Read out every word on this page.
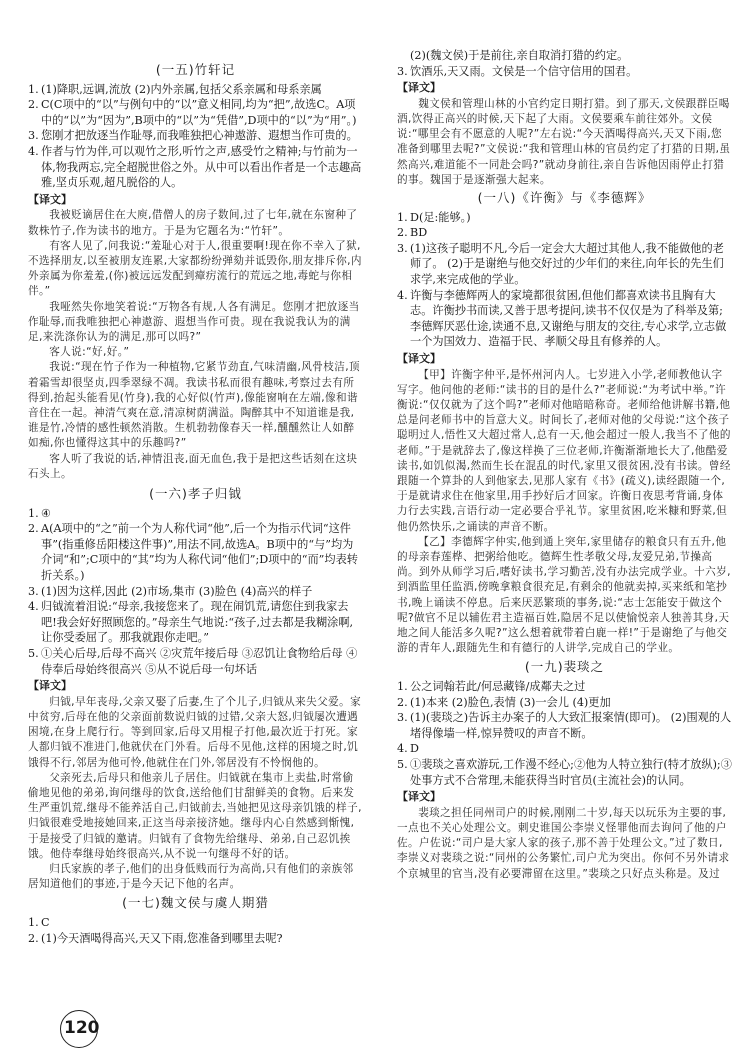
(一五)竹轩记
1. (1)降职,远调,流放 (2)内外亲属,包括父系亲属和母系亲属
2. C(C项中的“以”与例句中的“以”意义相同,均为“把”,故选C。A项中的“以”为“因为”,B项中的“以”为“凭借”,D项中的“以”为“用”。)
3. 您刚才把放逐当作耻辱,而我唯独把心神遨游、遐想当作可贵的。
4. 作者与竹为伴,可以观竹之形,听竹之声,感受竹之精神;与竹前为一体,物我两忘,完全超脱世俗之外。从中可以看出作者是一个志趣高雅,坚贞乐观,超凡脱俗的人。
【译文】
我被贬谪居住在大庾,借僧人的房子数间,过了七年,就在东窗种了数株竹子,作为读书的地方。于是为它题名为:“竹轩”。
有客人见了,问我说:“羞耻心对于人,很重要啊!现在你不幸入了狱,不选择朋友,以至被朋友连累,大家都纷纷弹劾并诋毁你,朋友排斥你,内外亲属为你羞羞,(你)被远远发配到瘴疠流行的荒远之地,毒蛇与你相伴。”
我哑然失你地笑着说:“万物各有规,人各有满足。您刚才把放逐当作耻辱,而我唯独把心神遨游、遐想当作可贵。现在我说我认为的满足,来洗涤你认为的满足,那可以吗?”
客人说:“好,好。”
我说:“现在竹子作为一种植物,它紧节劲直,气味清幽,风骨枝洁,顶着霜雪却很坚贞,四季翠绿不凋。我读书私而很有趣味,考察过去有所得到,抬起头能看见(竹身),我的心好似(竹声),像能窗响在左端,像和谐音住在一起。神清气爽在意,清凉树荫满溢。陶醉其中不知道谁是我,谁是竹,冷情的感性顿然消散。生机勃勃像春天一样,醺醺然让人如醉如痴,你也懂得这其中的乐趣吗?”
客人听了我说的话,神情沮丧,面无血色,我于是把这些话刻在这块石头上。
(一六)孝子归钺
1. ④
2. A(A项中的“之”前一个为人称代词“他”,后一个为指示代词“这件事”(指重修岳阳楼这件事)”,用法不同,故选A。B项中的“与”均为介词“和”;C项中的“其”均为人称代词“他们”;D项中的“而”均表转折关系。)
3. (1)因为这样,因此 (2)市场,集市 (3)脸色 (4)高兴的样子
4. 归钺流着泪说:“母亲,我接您来了。现在闹饥荒,请您住到我家去吧!我会好好照顾您的。”母亲生气地说:“孩子,过去都是我糊涂啊,让你受委屈了。那我就跟你走吧。”
5. ①关心后母,后母不高兴 ②灾荒年接后母 ③忍饥让食物给后母 ④侍奉后母始终很高兴 ⑤从不说后母一句坏话
【译文】
归钺,早年丧母,父亲又娶了后妻,生了个儿子,归钺从来失父爱。家中贫穷,后母在他的父亲面前数说归钺的过错,父亲大怒,归钺屡次遭遇困境,在身上爬行行。等到回家,后母又用棍子打他,最次近于打死。家人都归钺不准进门,他就伏在门外看。后母不见他,这样的困境之时,饥饿得不行,邻居为他可怜,他就住在门外,邻居没有不怜悯他的。
父亲死去,后母只和他亲儿子居住。归钺就在集市上卖盐,时常偷偷地见他的弟弟,询问继母的饮食,送给他们甘甜鲜美的食物。后来发生严重饥荒,继母不能养活自己,归钺前去,当她把见这母亲饥饿的样子,归钺很难受地接她回来,正这当母亲接济她。继母内心自然感到惭愧,于是接受了归钺的邀请。归钺有了食物先给继母、弟弟,自己忍饥挨饿。他侍奉继母始终很高兴,从不说一句继母不好的话。
归氏家族的孝子,他们的出身低贱而行为高尚,只有他们的亲族邻居知道他们的事迹,于是今天记下他的名声。
(一七)魏文侯与虞人期猎
1. C
2. (1)今天酒喝得高兴,天又下雨,您准备到哪里去呢?
(2)(魏文侯)于是前往,亲自取消打猎的约定。
3. 饮酒乐,天又雨。文侯是一个信守信用的国君。
【译文】
魏文侯和管理山林的小官约定日期打猎。到了那天,文侯跟群臣喝酒,饮得正高兴的时候,天下起了大雨。文侯要乘车前往郊外。文侯说:“哪里会有不愿意的人呢?”左右说:“今天酒喝得高兴,天又下雨,您准备到哪里去呢?”文侯说:“我和管理山林的官员约定了打猎的日期,虽然高兴,难道能不一同赴会吗?”就动身前往,亲自告诉他因雨停止打猎的事。魏国于是逐渐强大起来。
(一八)《许衡》与《李德辉》
1. D(足:能够。)
2. BD
3. (1)这孩子聪明不凡,今后一定会大大超过其他人,我不能做他的老师了。 (2)于是谢绝与他交好过的少年们的来往,向年长的先生们求学,来完成他的学业。
4. 许衡与李德辉两人的家境都很贫困,但他们都喜欢读书且胸有大志。许衡抄书而读,又善于思考提问,读书不仅仅是为了科举及第;李德辉厌恶仕途,读通不息,又谢绝与朋友的交往,专心求学,立志做一个为国效力、造福于民、孝顺父母且有修养的人。
【译文】
【甲】许衡字仲平,是怀州河内人。七岁进入小学,老师教他认字写字。他问他的老师:“读书的目的是什么?”老师说:“为考试中举。”许衡说:“仅仅就为了这个吗?”老师对他暗暗称奇。老师给他讲解书籍,他总是问老师书中的旨意大义。时间长了,老师对他的父母说:“这个孩子聪明过人,悟性又大超过常人,总有一天,他会超过一般人,我当不了他的老师。”于是就辞去了,像这样换了三位老师,许衡渐渐地长大了,他酷爱读书,如饥似渴,然而生长在混乱的时代,家里又很贫困,没有书读。曾经跟随一个算卦的人到他家去,见那人家有《书》(疏义),读经跟随一个,于是就请求住在他家里,用手抄好后才回家。许衡日夜思考背诵,身体力行去实践,言语行动一定必要合乎礼节。家里贫困,吃米糠和野菜,但他仍然快乐,之诵读的声音不断。
【乙】李德辉字仲实,他到通上突年,家里储存的粮食只有五升,他的母亲春莲桦、把粥给他吃。德辉生性孝敬父母,友爱兄弟,节操高尚。到外从师学习后,嗜好读书,学习勤苦,没有办法完成学业。十六岁,到酒监里任监酒,傍晚拿粮食很充足,有剩余的他就卖掉,买来纸和笔抄书,晚上诵读不停息。后来厌恶繁琐的事务,说:“志士怎能安于做这个呢?做官不足以辅佐君主造福百姓,隐居不足以使愉悦亲人独善其身,天地之间人能活多久呢?”这么想着就带着白鹿一样!”于是谢绝了与他交游的青年人,跟随先生和有德行的人讲学,完成自己的学业。
(一九)裴琰之
1. 公之词翰若此/何忌藏锋/成鄰夫之过
2. (1)本来 (2)脸色,表情 (3)一会儿 (4)更加
3. (1)(裴琰之)告诉主办案子的人大致汇报案情(即可)。 (2)围观的人堵得像墙一样,惊异赞叹的声音不断。
4. D
5. ①裴琰之喜欢游玩,工作漫不经心;②他为人特立独行(特才放纵);③处事方式不合常理,未能获得当时官员(主流社会)的认同。
【译文】
裴琰之担任同州司户的时候,刚刚二十岁,每天以玩乐为主要的事,一点也不关心处理公文。刺史谁国公李崇义怪罪他而去询问了他的户佐。户佐说:“司户是大家人家的孩子,那不善于处理公文。”过了数日,李崇义对裴琰之说:“同州的公务繁忙,司户尤为突出。你何不另外请求个京城里的官当,没有必要滞留在这里。”裴琰之只好点头称是。及过
120
